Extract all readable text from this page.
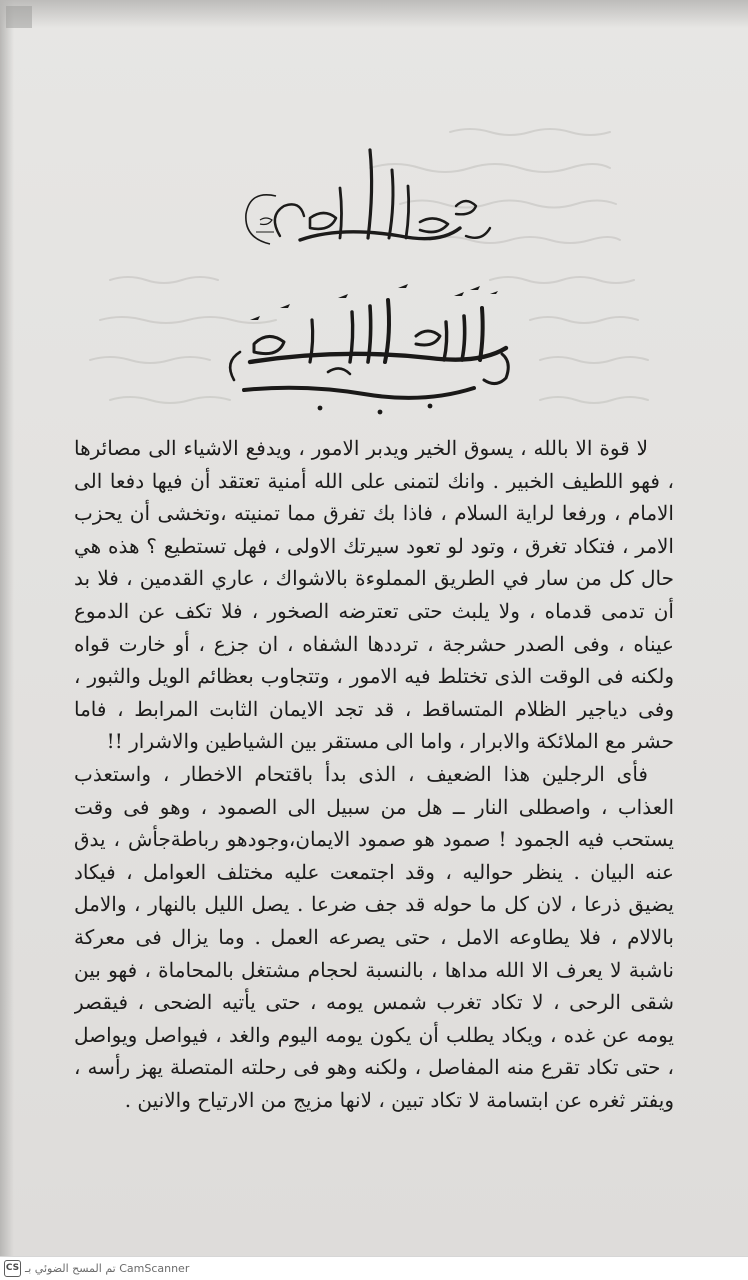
لا قوة الا بالله ، يسوق الخير ويدبر الامور ، ويدفع الاشياء الى مصائرها ، فهو اللطيف الخبير . وانك لتمنى على الله أمنية تعتقد أن فيها دفعا الى الامام ، ورفعا لراية السلام ، فاذا بك تفرق مما تمنيته ،وتخشى أن يحزب الامر ، فتكاد تغرق ، وتود لو تعود سيرتك الاولى ، فهل تستطيع ؟ هذه هي حال كل من سار في الطريق المملوءة بالاشواك ، عاري القدمين ، فلا بد أن تدمى قدماه ، ولا يلبث حتى تعترضه الصخور ، فلا تكف عن الدموع عيناه ، وفى الصدر حشرجة ، ترددها الشفاه ، ان جزع ، أو خارت قواه ولكنه فى الوقت الذى تختلط فيه الامور ، وتتجاوب بعظائم الويل والثبور ، وفى دياجير الظلام المتساقط ، قد تجد الايمان الثابت المرابط ، فاما حشر مع الملائكة والابرار ، واما الى مستقر بين الشياطين والاشرار !!

فأى الرجلين هذا الضعيف ، الذى بدأ باقتحام الاخطار ، واستعذب العذاب ، واصطلى النار ــ هل من سبيل الى الصمود ، وهو فى وقت يستحب فيه الجمود ! صمود هو صمود الايمان،وجودهو رباطةجأش ، يدق عنه البيان . ينظر حواليه ، وقد اجتمعت عليه مختلف العوامل ، فيكاد يضيق ذرعا ، لان كل ما حوله قد جف ضرعا . يصل الليل بالنهار ، والامل بالالام ، فلا يطاوعه الامل ، حتى يصرعه العمل . وما يزال فى معركة ناشبة لا يعرف الا الله مداها ، بالنسبة لحجام مشتغل بالمحاماة ، فهو بين شقى الرحى ، لا تكاد تغرب شمس يومه ، حتى يأتيه الضحى ، فيقصر يومه عن غده ، ويكاد يطلب أن يكون يومه اليوم والغد ، فيواصل ويواصل ، حتى تكاد تقرع منه المفاصل ، ولكنه وهو فى رحلته المتصلة يهز رأسه ، ويفتر ثغره عن ابتسامة لا تكاد تبين ، لانها مزيج من الارتياح والانين .

CS تم المسح الضوئي بـ CamScanner
